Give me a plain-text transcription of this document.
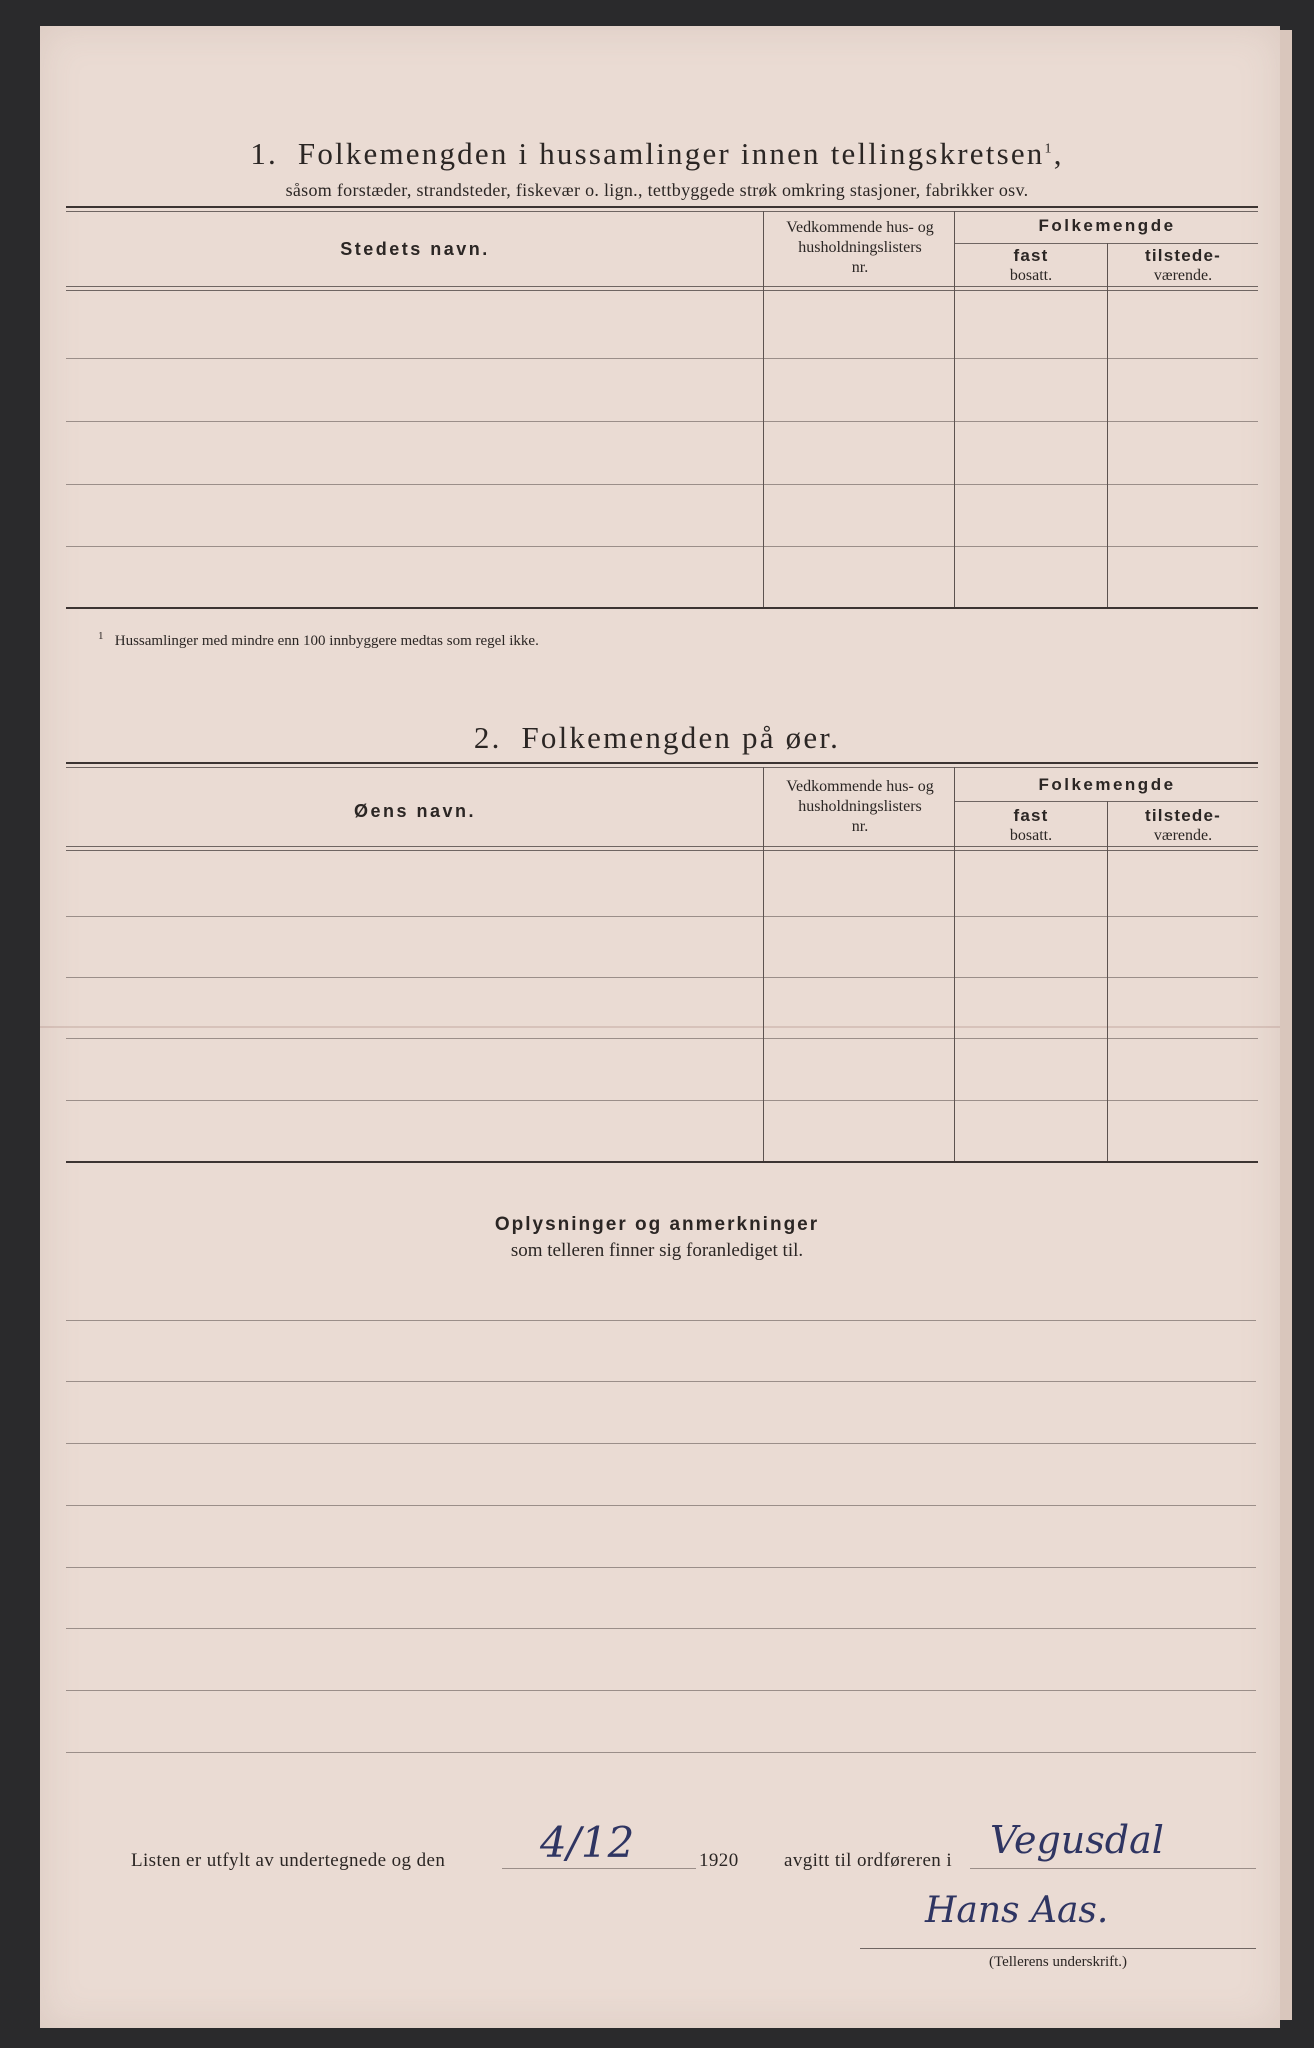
1. Folkemengden i hussamlinger innen tellingskretsen$^1$,
såsom forstæder, strandsteder, fiskevær o. lign., tettbyggede strøk omkring stasjoner, fabrikker osv.
Stedets navn.
Vedkommende hus- og
husholdningslisters
nr.
Folkemengde
fast
bosatt.
tilstede-
værende.
$^1$ Hussamlinger med mindre enn 100 innbyggere medtas som regel ikke.
2. Folkemengden på øer.
Øens navn.
Vedkommende hus- og
husholdningslisters
nr.
Folkemengde
fast
bosatt.
tilstede-
værende.
Oplysninger og anmerkninger
som telleren finner sig foranlediget til.
Listen er utfylt av undertegnede og den 4/12	1920 avgitt til ordføreren i Vegusdal
Hans Aas.
(Tellerens underskrift.)
